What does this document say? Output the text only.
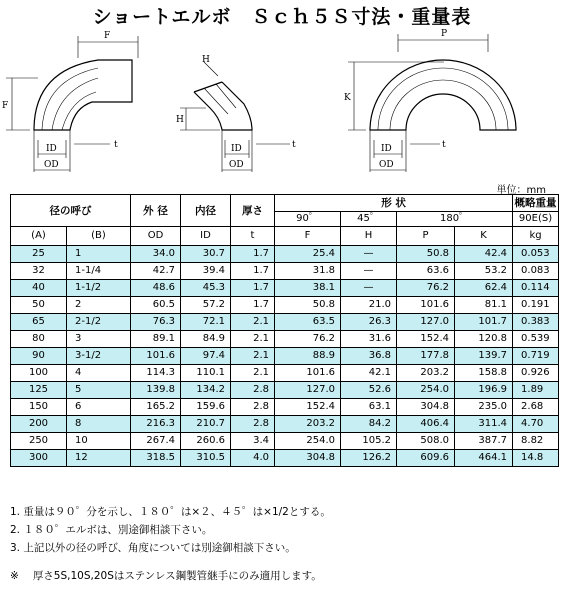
ショートエルボ　Ｓｃｈ５Ｓ寸法・重量表
F
F
ID
OD
t
H
H
ID
OD
t
P
K
ID
OD
t
単位：mm
径の呼び		外 径	内径	厚さ	形 状				概略重量
					90゜	45゜	180゜		90E(S)
(A)	(B)	OD	ID	t	F	H	P	K	kg
25	1	34.0	30.7	1.7	25.4	—	50.8	42.4	0.053
32	1-1/4	42.7	39.4	1.7	31.8	—	63.6	53.2	0.083
40	1-1/2	48.6	45.3	1.7	38.1	—	76.2	62.4	0.114
50	2	60.5	57.2	1.7	50.8	21.0	101.6	81.1	0.191
65	2-1/2	76.3	72.1	2.1	63.5	26.3	127.0	101.7	0.383
80	3	89.1	84.9	2.1	76.2	31.6	152.4	120.8	0.539
90	3-1/2	101.6	97.4	2.1	88.9	36.8	177.8	139.7	0.719
100	4	114.3	110.1	2.1	101.6	42.1	203.2	158.8	0.926
125	5	139.8	134.2	2.8	127.0	52.6	254.0	196.9	1.89
150	6	165.2	159.6	2.8	152.4	63.1	304.8	235.0	2.68
200	8	216.3	210.7	2.8	203.2	84.2	406.4	311.4	4.70
250	10	267.4	260.6	3.4	254.0	105.2	508.0	387.7	8.82
300	12	318.5	310.5	4.0	304.8	126.2	609.6	464.1	14.8
1. 重量は９０゜分を示し、１８０゜は×２、４５゜は×1/2とする。
2. １８０゜エルボは、別途御相談下さい。
3. 上記以外の径の呼び、角度については別途御相談下さい。
※ 厚さ5S,10S,20Sはステンレス鋼製管継手にのみ適用します。
